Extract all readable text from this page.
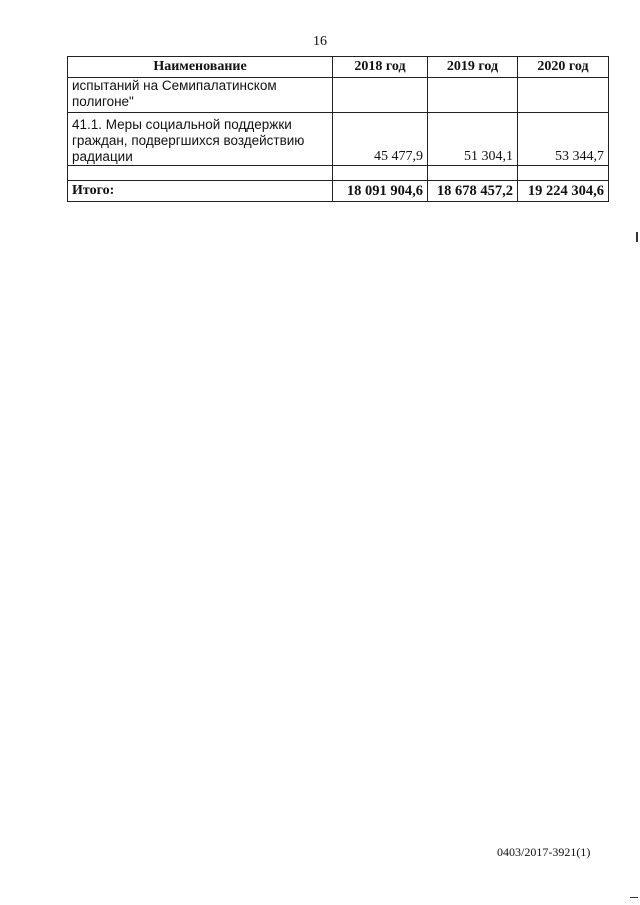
16
Наименование	2018 год	2019 год	2020 год
испытаний на Семипалатинском полигоне"			
41.1. Меры социальной поддержки граждан, подвергшихся воздействию радиации	45 477,9	51 304,1	53 344,7

Итого:	18 091 904,6	18 678 457,2	19 224 304,6
0403/2017-3921(1)
